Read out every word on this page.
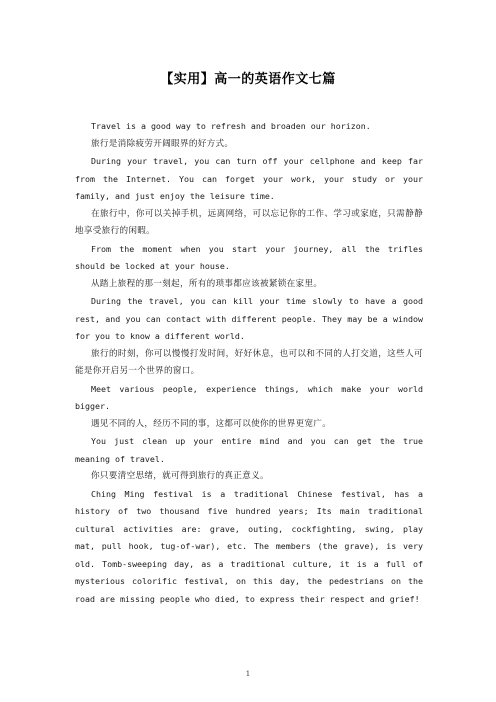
【实用】高一的英语作文七篇

Travel is a good way to refresh and broaden our horizon.

旅行是消除疲劳开阔眼界的好方式。

During your travel, you can turn off your cellphone and keep far from the Internet. You can forget your work, your study or your family, and just enjoy the leisure time.

在旅行中，你可以关掉手机，远离网络，可以忘记你的工作、学习或家庭，只需静静地享受旅行的闲暇。

From the moment when you start your journey, all the trifles should be locked at your house.

从踏上旅程的那一刻起，所有的琐事都应该被紧锁在家里。

During the travel, you can kill your time slowly to have a good rest, and you can contact with different people. They may be a window for you to know a different world.

旅行的时刻，你可以慢慢打发时间，好好休息，也可以和不同的人打交道，这些人可能是你开启另一个世界的窗口。

Meet various people, experience things, which make your world bigger.

遇见不同的人，经历不同的事，这都可以使你的世界更宽广。

You just clean up your entire mind and you can get the true meaning of travel.

你只要清空思绪，就可得到旅行的真正意义。

Ching Ming festival is a traditional Chinese festival, has a history of two thousand five hundred years; Its main traditional cultural activities are: grave, outing, cockfighting, swing, play mat, pull hook, tug-of-war), etc. The members (the grave), is very old. Tomb-sweeping day, as a traditional culture, it is a full of mysterious colorific festival, on this day, the pedestrians on the road are missing people who died, to express their respect and grief!

1
